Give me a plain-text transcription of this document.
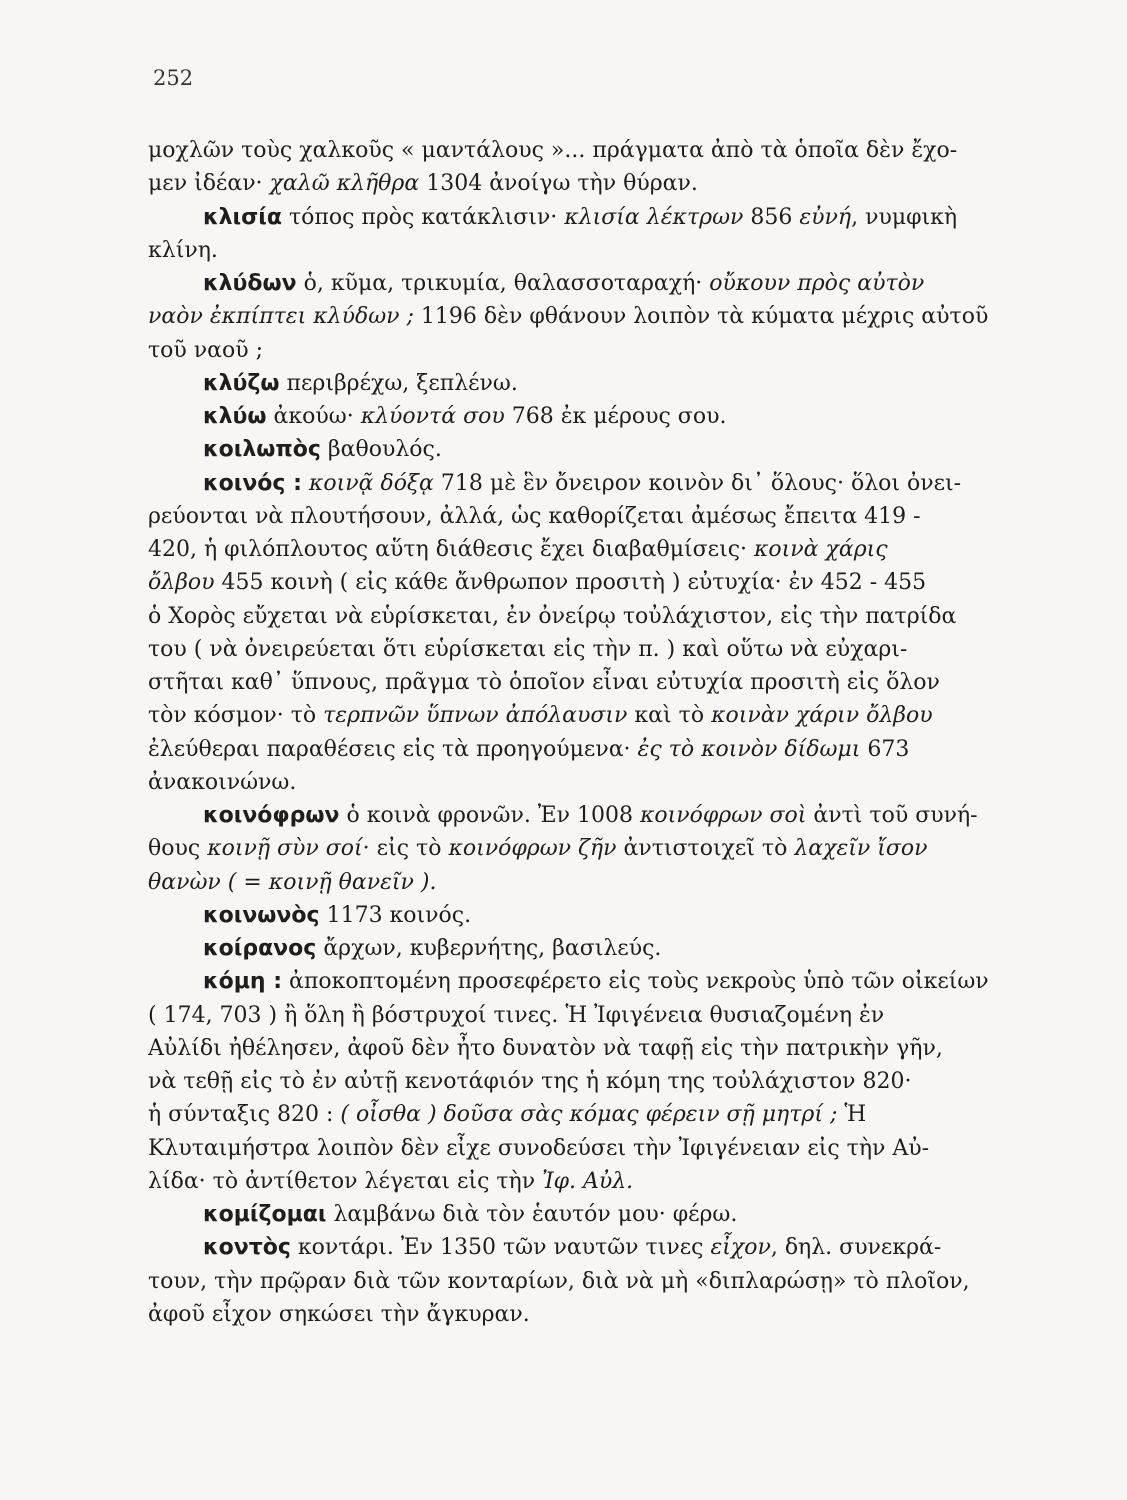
252
μοχλῶν τοὺς χαλκοῦς « μαντάλους »... πράγματα ἀπὸ τὰ ὁποῖα δὲν ἔχο-
μεν ἰδέαν· χαλῶ κλῆθρα 1304 ἀνοίγω τὴν θύραν.
κλισία τόπος πρὸς κατάκλισιν· κλισία λέκτρων 856 εὐνή, νυμφικὴ
κλίνη.
κλύδων ὁ, κῦμα, τρικυμία, θαλασσοταραχή· οὔκουν πρὸς αὐτὸν
ναὸν ἐκπίπτει κλύδων ; 1196 δὲν φθάνουν λοιπὸν τὰ κύματα μέχρις αὐτοῦ
τοῦ ναοῦ ;
κλύζω περιβρέχω, ξεπλένω.
κλύω ἀκούω· κλύοντά σου 768 ἐκ μέρους σου.
κοιλωπὸς βαθουλός.
κοινός : κοινᾷ δόξᾳ 718 μὲ ἓν ὄνειρον κοινὸν δι᾽ ὅλους· ὅλοι ὀνει-
ρεύονται νὰ πλουτήσουν, ἀλλά, ὡς καθορίζεται ἀμέσως ἔπειτα 419 -
420, ἡ φιλόπλουτος αὕτη διάθεσις ἔχει διαβαθμίσεις· κοινὰ χάρις
ὄλβου 455 κοινὴ ( εἰς κάθε ἄνθρωπον προσιτὴ ) εὐτυχία· ἐν 452 - 455
ὁ Χορὸς εὔχεται νὰ εὑρίσκεται, ἐν ὀνείρῳ τοὐλάχιστον, εἰς τὴν πατρίδα
του ( νὰ ὀνειρεύεται ὅτι εὑρίσκεται εἰς τὴν π. ) καὶ οὕτω νὰ εὐχαρι-
στῆται καθ᾽ ὕπνους, πρᾶγμα τὸ ὁποῖον εἶναι εὐτυχία προσιτὴ εἰς ὅλον
τὸν κόσμον· τὸ τερπνῶν ὕπνων ἀπόλαυσιν καὶ τὸ κοινὰν χάριν ὄλβου
ἐλεύθεραι παραθέσεις εἰς τὰ προηγούμενα· ἐς τὸ κοινὸν δίδωμι 673
ἀνακοινώνω.
κοινόφρων ὁ κοινὰ φρονῶν. Ἐν 1008 κοινόφρων σοὶ ἀντὶ τοῦ συνή-
θους κοινῇ σὺν σοί· εἰς τὸ κοινόφρων ζῆν ἀντιστοιχεῖ τὸ λαχεῖν ἴσον
θανὼν ( = κοινῇ θανεῖν ).
κοινωνὸς 1173 κοινός.
κοίρανος ἄρχων, κυβερνήτης, βασιλεύς.
κόμη : ἀποκοπτομένη προσεφέρετο εἰς τοὺς νεκροὺς ὑπὸ τῶν οἰκείων
( 174, 703 ) ἢ ὅλη ἢ βόστρυχοί τινες. Ἡ Ἰφιγένεια θυσιαζομένη ἐν
Αὐλίδι ἠθέλησεν, ἀφοῦ δὲν ἦτο δυνατὸν νὰ ταφῇ εἰς τὴν πατρικὴν γῆν,
νὰ τεθῇ εἰς τὸ ἐν αὐτῇ κενοτάφιόν της ἡ κόμη της τοὐλάχιστον 820·
ἡ σύνταξις 820 : ( οἶσθα ) δοῦσα σὰς κόμας φέρειν σῇ μητρί ; Ἡ
Κλυταιμήστρα λοιπὸν δὲν εἶχε συνοδεύσει τὴν Ἰφιγένειαν εἰς τὴν Αὐ-
λίδα· τὸ ἀντίθετον λέγεται εἰς τὴν Ἰφ. Αὐλ.
κομίζομαι λαμβάνω διὰ τὸν ἑαυτόν μου· φέρω.
κοντὸς κοντάρι. Ἐν 1350 τῶν ναυτῶν τινες εἶχον, δηλ. συνεκρά-
τουν, τὴν πρῷραν διὰ τῶν κονταρίων, διὰ νὰ μὴ «διπλαρώσῃ» τὸ πλοῖον,
ἀφοῦ εἶχον σηκώσει τὴν ἄγκυραν.
